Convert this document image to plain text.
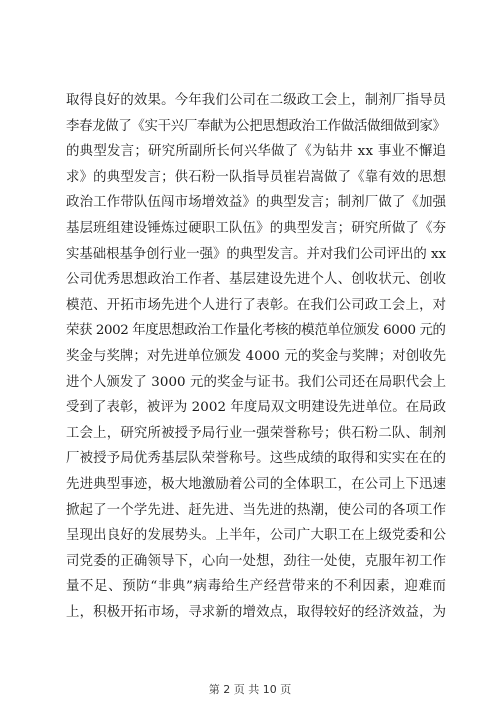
取得良好的效果。今年我们公司在二级政工会上，制剂厂指导员
李春龙做了《实干兴厂奉献为公把思想政治工作做活做细做到家》
的典型发言；研究所副所长何兴华做了《为钻井 xx 事业不懈追
求》的典型发言；供石粉一队指导员崔岩嵩做了《靠有效的思想
政治工作带队伍闯市场增效益》的典型发言；制剂厂做了《加强
基层班组建设锤炼过硬职工队伍》的典型发言；研究所做了《夯
实基础根基争创行业一强》的典型发言。并对我们公司评出的 xx
公司优秀思想政治工作者、基层建设先进个人、创收状元、创收
模范、开拓市场先进个人进行了表彰。在我们公司政工会上，对
荣获 2002 年度思想政治工作量化考核的模范单位颁发 6000 元的
奖金与奖牌；对先进单位颁发 4000 元的奖金与奖牌；对创收先
进个人颁发了 3000 元的奖金与证书。我们公司还在局职代会上
受到了表彰，被评为 2002 年度局双文明建设先进单位。在局政
工会上，研究所被授予局行业一强荣誉称号；供石粉二队、制剂
厂被授予局优秀基层队荣誉称号。这些成绩的取得和实实在在的
先进典型事迹，极大地激励着公司的全体职工，在公司上下迅速
掀起了一个学先进、赶先进、当先进的热潮，使公司的各项工作
呈现出良好的发展势头。上半年，公司广大职工在上级党委和公
司党委的正确领导下，心向一处想，劲往一处使，克服年初工作
量不足、预防“非典”病毒给生产经营带来的不利因素，迎难而
上，积极开拓市场，寻求新的增效点，取得较好的经济效益，为
第 2 页 共 10 页
